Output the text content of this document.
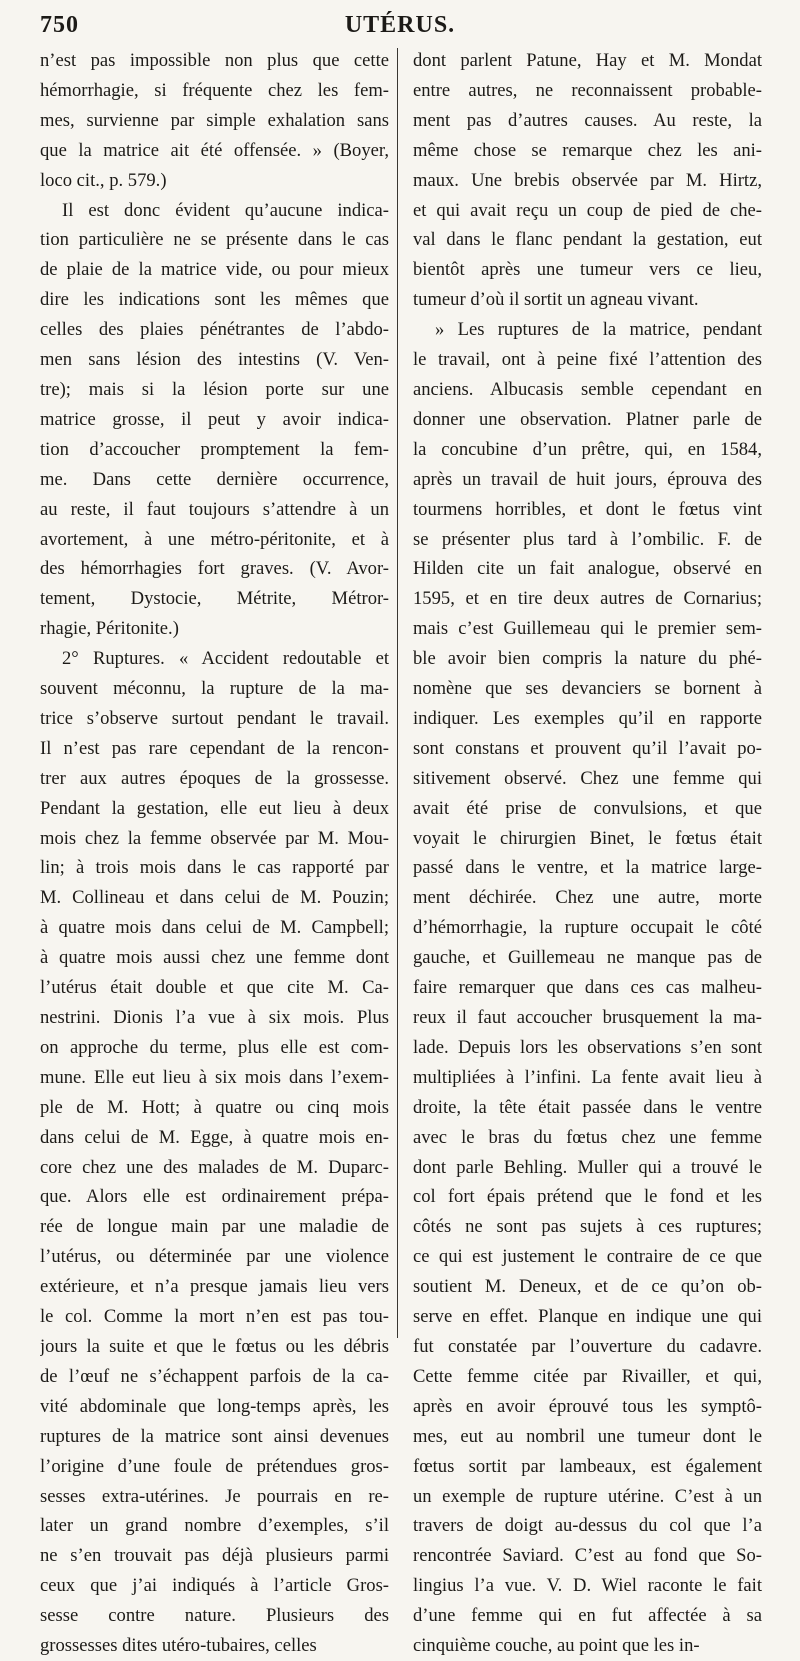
750	UTÉRUS.
n’est pas impossible non plus que cette
hémorrhagie, si fréquente chez les fem-
mes, survienne par simple exhalation sans
que la matrice ait été offensée. » (Boyer,
loco cit., p. 579.)
Il est donc évident qu’aucune indica-
tion particulière ne se présente dans le cas
de plaie de la matrice vide, ou pour mieux
dire les indications sont les mêmes que
celles des plaies pénétrantes de l’abdo-
men sans lésion des intestins (V. Ven-
tre); mais si la lésion porte sur une
matrice grosse, il peut y avoir indica-
tion d’accoucher promptement la fem-
me. Dans cette dernière occurrence,
au reste, il faut toujours s’attendre à un
avortement, à une métro-péritonite, et à
des hémorrhagies fort graves. (V. Avor-
tement, Dystocie, Métrite, Métror-
rhagie, Péritonite.)
2° Ruptures. « Accident redoutable et
souvent méconnu, la rupture de la ma-
trice s’observe surtout pendant le travail.
Il n’est pas rare cependant de la rencon-
trer aux autres époques de la grossesse.
Pendant la gestation, elle eut lieu à deux
mois chez la femme observée par M. Mou-
lin; à trois mois dans le cas rapporté par
M. Collineau et dans celui de M. Pouzin;
à quatre mois dans celui de M. Campbell;
à quatre mois aussi chez une femme dont
l’utérus était double et que cite M. Ca-
nestrini. Dionis l’a vue à six mois. Plus
on approche du terme, plus elle est com-
mune. Elle eut lieu à six mois dans l’exem-
ple de M. Hott; à quatre ou cinq mois
dans celui de M. Egge, à quatre mois en-
core chez une des malades de M. Duparc-
que. Alors elle est ordinairement prépa-
rée de longue main par une maladie de
l’utérus, ou déterminée par une violence
extérieure, et n’a presque jamais lieu vers
le col. Comme la mort n’en est pas tou-
jours la suite et que le fœtus ou les débris
de l’œuf ne s’échappent parfois de la ca-
vité abdominale que long-temps après, les
ruptures de la matrice sont ainsi devenues
l’origine d’une foule de prétendues gros-
sesses extra-utérines. Je pourrais en re-
later un grand nombre d’exemples, s’il
ne s’en trouvait pas déjà plusieurs parmi
ceux que j’ai indiqués à l’article Gros-
sesse contre nature. Plusieurs des
grossesses dites utéro-tubaires, celles
dont parlent Patune, Hay et M. Mondat
entre autres, ne reconnaissent probable-
ment pas d’autres causes. Au reste, la
même chose se remarque chez les ani-
maux. Une brebis observée par M. Hirtz,
et qui avait reçu un coup de pied de che-
val dans le flanc pendant la gestation, eut
bientôt après une tumeur vers ce lieu,
tumeur d’où il sortit un agneau vivant.
» Les ruptures de la matrice, pendant
le travail, ont à peine fixé l’attention des
anciens. Albucasis semble cependant en
donner une observation. Platner parle de
la concubine d’un prêtre, qui, en 1584,
après un travail de huit jours, éprouva des
tourmens horribles, et dont le fœtus vint
se présenter plus tard à l’ombilic. F. de
Hilden cite un fait analogue, observé en
1595, et en tire deux autres de Cornarius;
mais c’est Guillemeau qui le premier sem-
ble avoir bien compris la nature du phé-
nomène que ses devanciers se bornent à
indiquer. Les exemples qu’il en rapporte
sont constans et prouvent qu’il l’avait po-
sitivement observé. Chez une femme qui
avait été prise de convulsions, et que
voyait le chirurgien Binet, le fœtus était
passé dans le ventre, et la matrice large-
ment déchirée. Chez une autre, morte
d’hémorrhagie, la rupture occupait le côté
gauche, et Guillemeau ne manque pas de
faire remarquer que dans ces cas malheu-
reux il faut accoucher brusquement la ma-
lade. Depuis lors les observations s’en sont
multipliées à l’infini. La fente avait lieu à
droite, la tête était passée dans le ventre
avec le bras du fœtus chez une femme
dont parle Behling. Muller qui a trouvé le
col fort épais prétend que le fond et les
côtés ne sont pas sujets à ces ruptures;
ce qui est justement le contraire de ce que
soutient M. Deneux, et de ce qu’on ob-
serve en effet. Planque en indique une qui
fut constatée par l’ouverture du cadavre.
Cette femme citée par Rivailler, et qui,
après en avoir éprouvé tous les symptô-
mes, eut au nombril une tumeur dont le
fœtus sortit par lambeaux, est également
un exemple de rupture utérine. C’est à un
travers de doigt au-dessus du col que l’a
rencontrée Saviard. C’est au fond que So-
lingius l’a vue. V. D. Wiel raconte le fait
d’une femme qui en fut affectée à sa
cinquième couche, au point que les in-
